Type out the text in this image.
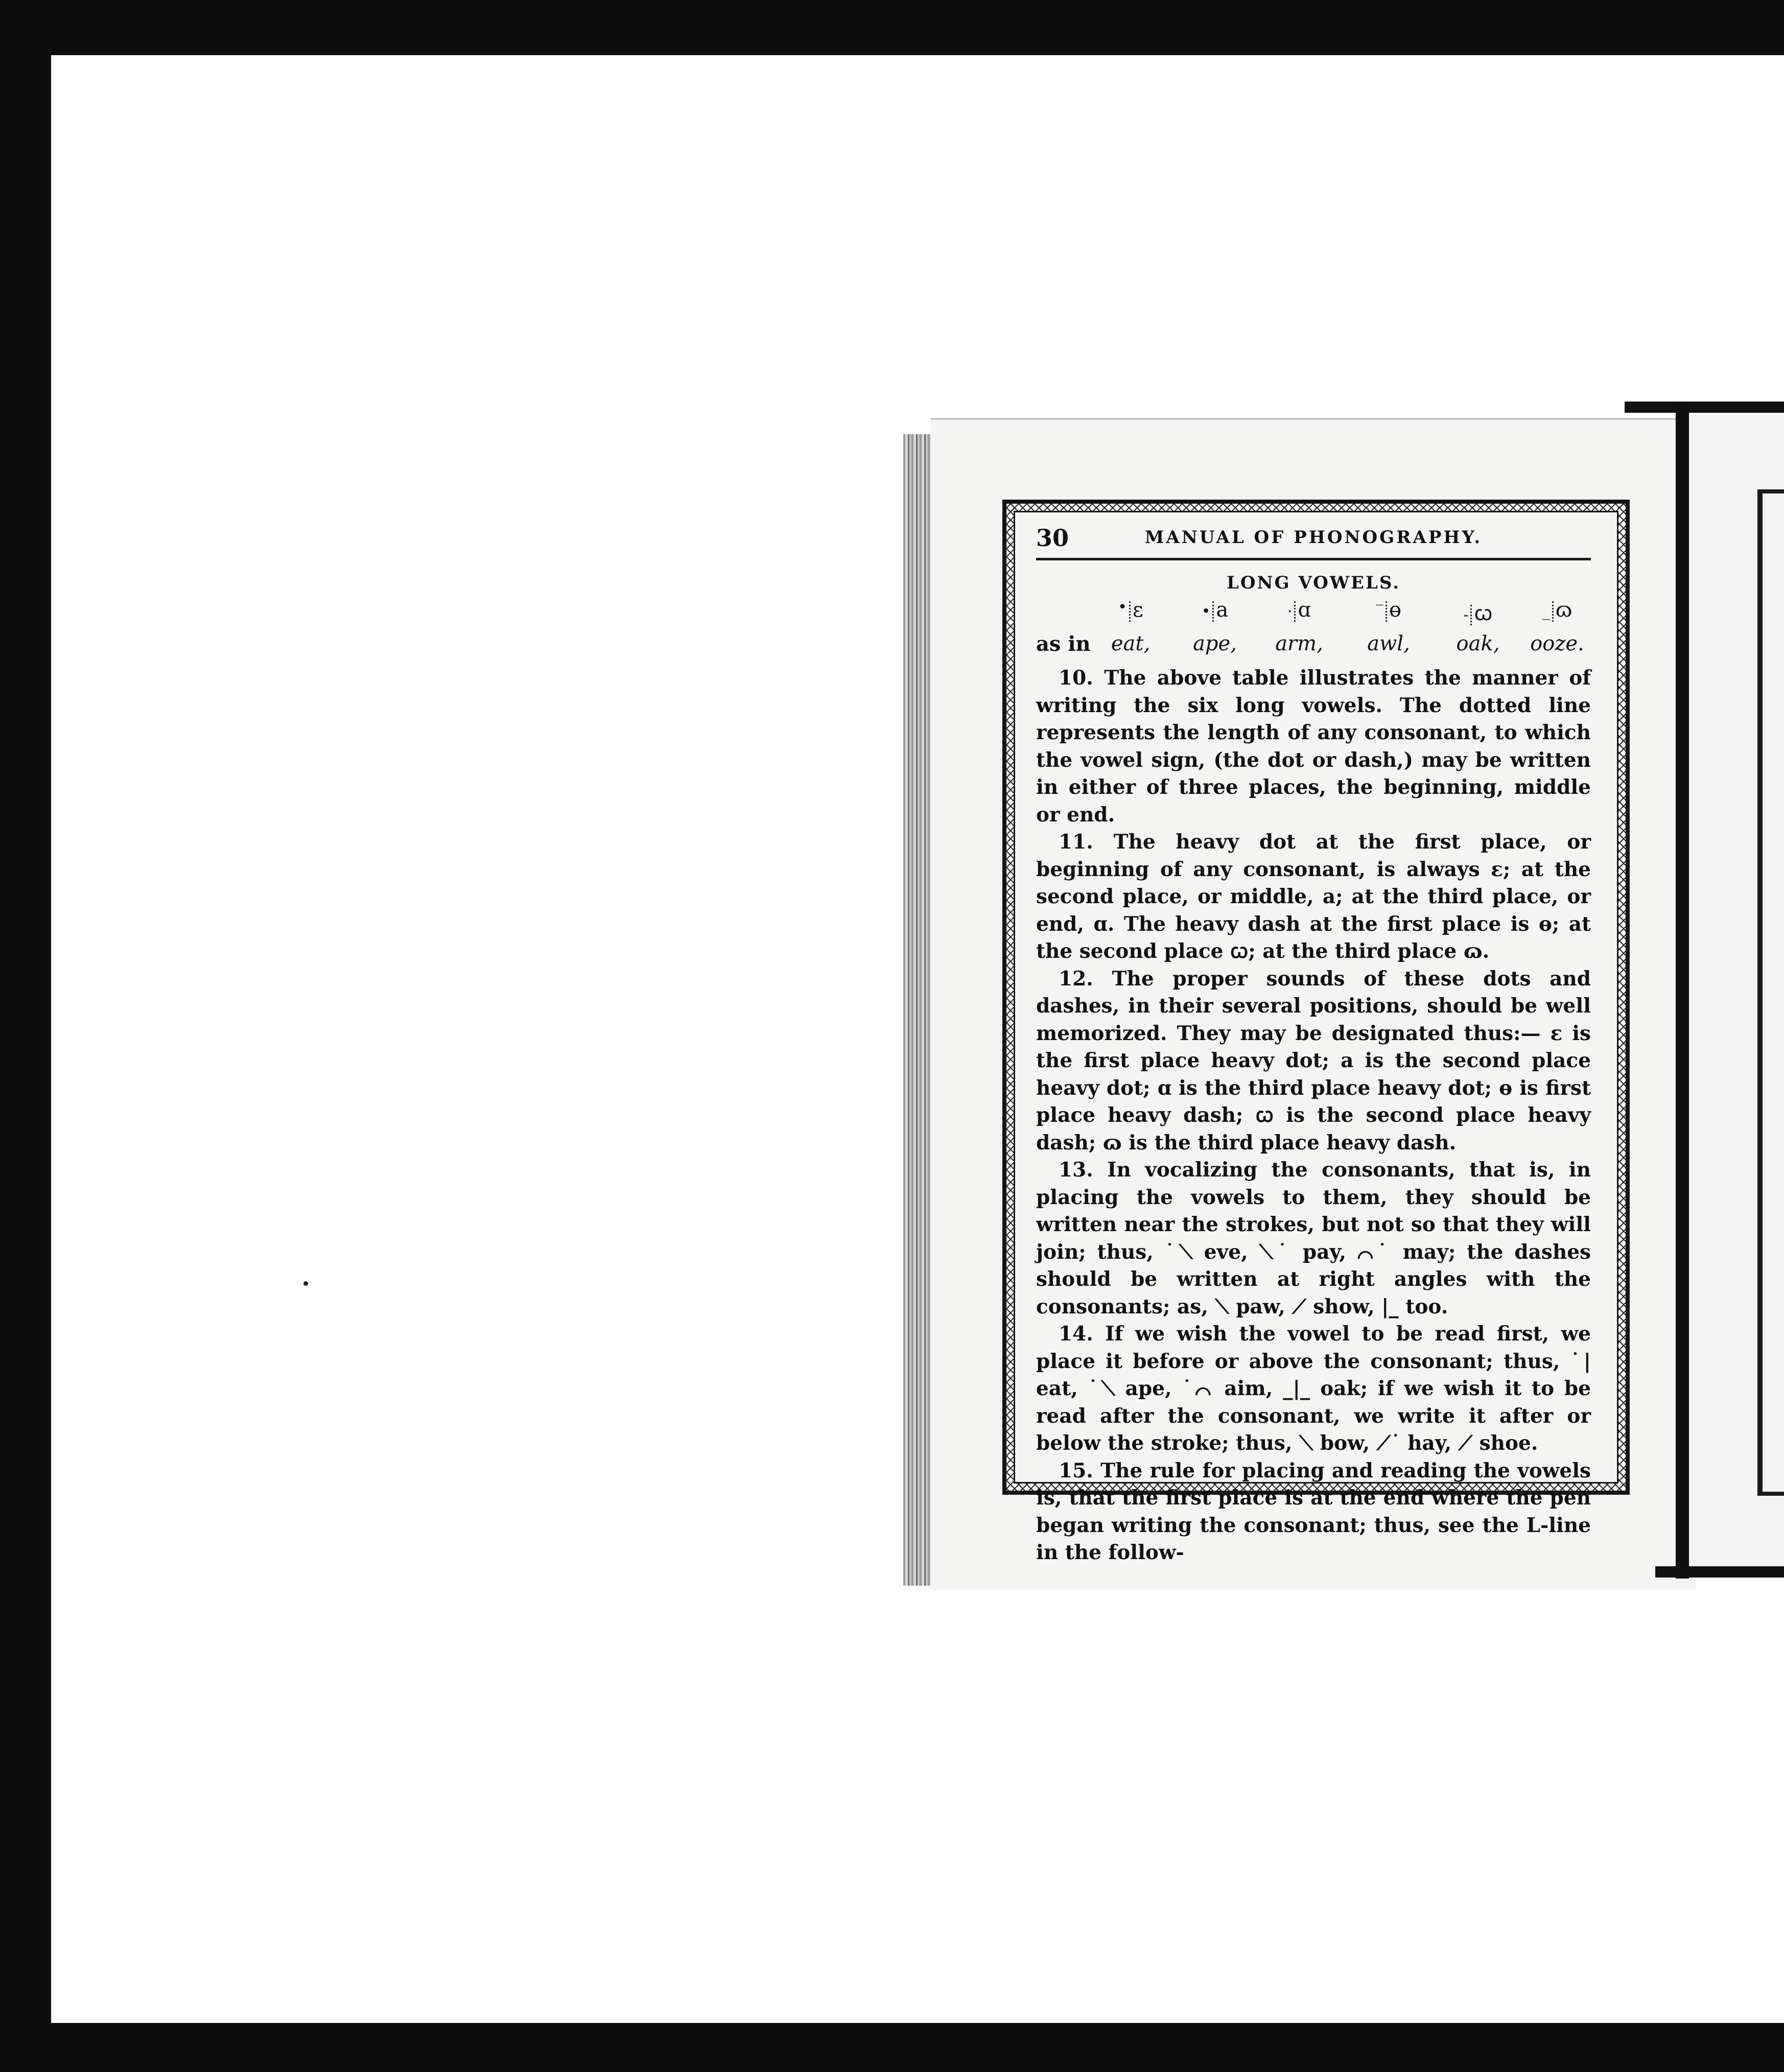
30	MANUAL OF PHONOGRAPHY.
LONG VOWELS.
• ɛ	• a	. ɑ	‾ ɵ	- ꞷ	_ ɷ
as in	eat,	ape,	arm,	awl,	oak,	ooze.

10. The above table illustrates the manner of writing the six long vowels. The dotted line represents the length of any consonant, to which the vowel sign, (the dot or dash,) may be written in either of three places, the beginning, middle or end.

11. The heavy dot at the first place, or beginning of any consonant, is always ɛ; at the second place, or middle, a; at the third place, or end, ɑ. The heavy dash at the first place is ɵ; at the second place ꞷ; at the third place ɷ.

12. The proper sounds of these dots and dashes, in their several positions, should be well memorized. They may be designated thus:— ɛ is the first place heavy dot; a is the second place heavy dot; ɑ is the third place heavy dot; ɵ is first place heavy dash; ꞷ is the second place heavy dash; ɷ is the third place heavy dash.

13. In vocalizing the consonants, that is, in placing the vowels to them, they should be written near the strokes, but not so that they will join; thus, ˙⟍ eve, ⟍˙ pay, ⌒˙ may; the dashes should be written at right angles with the consonants; as, ⟍ paw, ⟋ show, |_ too.

14. If we wish the vowel to be read first, we place it before or above the consonant; thus, ˙| eat, ˙⟍ ape, ˙⌒ aim, _|_ oak; if we wish it to be read after the consonant, we write it after or below the stroke; thus, ⟍ bow, ⟋˙ hay, ⟋ shoe.

15. The rule for placing and reading the vowels is, that the first place is at the end where the pen began writing the consonant; thus, see the L-line in the follow-
